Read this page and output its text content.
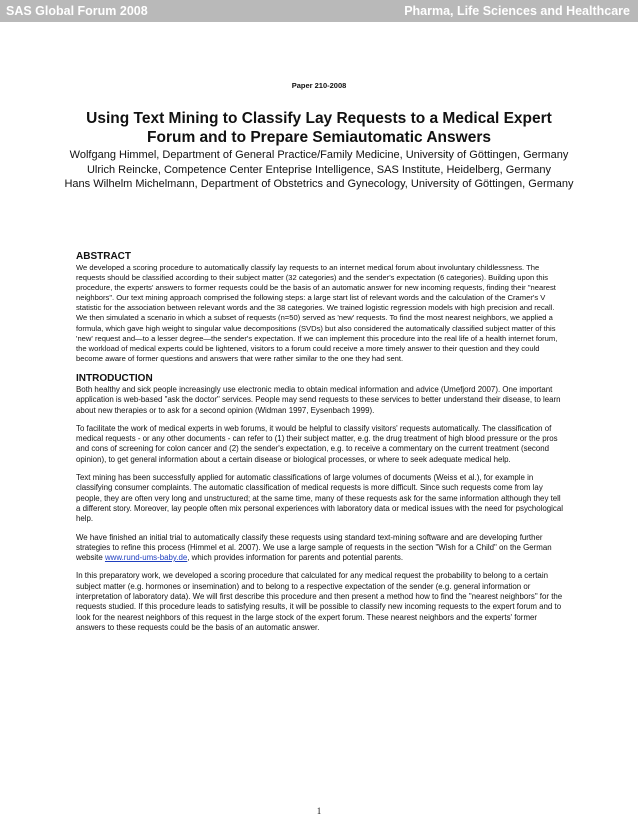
SAS Global Forum 2008	Pharma, Life Sciences and Healthcare
Paper 210-2008
Using Text Mining to Classify Lay Requests to a Medical Expert Forum and to Prepare Semiautomatic Answers
Wolfgang Himmel, Department of General Practice/Family Medicine, University of Göttingen, Germany
Ulrich Reincke, Competence Center Enteprise Intelligence, SAS Institute, Heidelberg, Germany
Hans Wilhelm Michelmann, Department of Obstetrics and Gynecology, University of Göttingen, Germany
ABSTRACT

We developed a scoring procedure to automatically classify lay requests to an internet medical forum about involuntary childlessness. The requests should be classified according to their subject matter (32 categories) and the sender's expectation (6 categories). Building upon this procedure, the experts' answers to former requests could be the basis of an automatic answer for new incoming requests, finding their "nearest neighbors". Our text mining approach comprised the following steps: a large start list of relevant words and the calculation of the Cramer's V statistic for the association between relevant words and the 38 categories. We trained logistic regression models with high precision and recall. We then simulated a scenario in which a subset of requests (n=50) served as 'new' requests. To find the most nearest neighbors, we applied a formula, which gave high weight to singular value decompositions (SVDs) but also considered the automatically classified subject matter of this 'new' request and—to a lesser degree—the sender's expectation. If we can implement this procedure into the real life of a health internet forum, the workload of medical experts could be lightened, visitors to a forum could receive a more timely answer to their question and they could become aware of former questions and answers that were rather similar to the one they had sent.

INTRODUCTION

Both healthy and sick people increasingly use electronic media to obtain medical information and advice (Umefjord 2007). One important application is web-based "ask the doctor" services. People may send requests to these services to better understand their disease, to learn about new therapies or to ask for a second opinion (Widman 1997, Eysenbach 1999).

To facilitate the work of medical experts in web forums, it would be helpful to classify visitors' requests automatically. The classification of medical requests - or any other documents - can refer to (1) their subject matter, e.g. the drug treatment of high blood pressure or the pros and cons of screening for colon cancer and (2) the sender's expectation, e.g. to receive a commentary on the current treatment (second opinion), to get general information about a certain disease or biological processes, or where to seek adequate medical help.

Text mining has been successfully applied for automatic classifications of large volumes of documents (Weiss et al.), for example in classifying consumer complaints. The automatic classification of medical requests is more difficult. Since such requests come from lay people, they are often very long and unstructured; at the same time, many of these requests ask for the same information although they tell a different story. Moreover, lay people often mix personal experiences with laboratory data or medical issues with the need for psychological help.

We have finished an initial trial to automatically classify these requests using standard text-mining software and are developing further strategies to refine this process (Himmel et al. 2007). We use a large sample of requests in the section "Wish for a Child" on the German website www.rund-ums-baby.de, which provides information for parents and potential parents.

In this preparatory work, we developed a scoring procedure that calculated for any medical request the probability to belong to a certain subject matter (e.g. hormones or insemination) and to belong to a respective expectation of the sender (e.g. general information or interpretation of laboratory data). We will first describe this procedure and then present a method how to find the "nearest neighbors" for the requests studied. If this procedure leads to satisfying results, it will be possible to classify new incoming requests to the expert forum and to look for the nearest neighbors of this request in the large stock of the expert forum. These nearest neighbors and the experts' former answers to these requests could be the basis of an automatic answer.

1
